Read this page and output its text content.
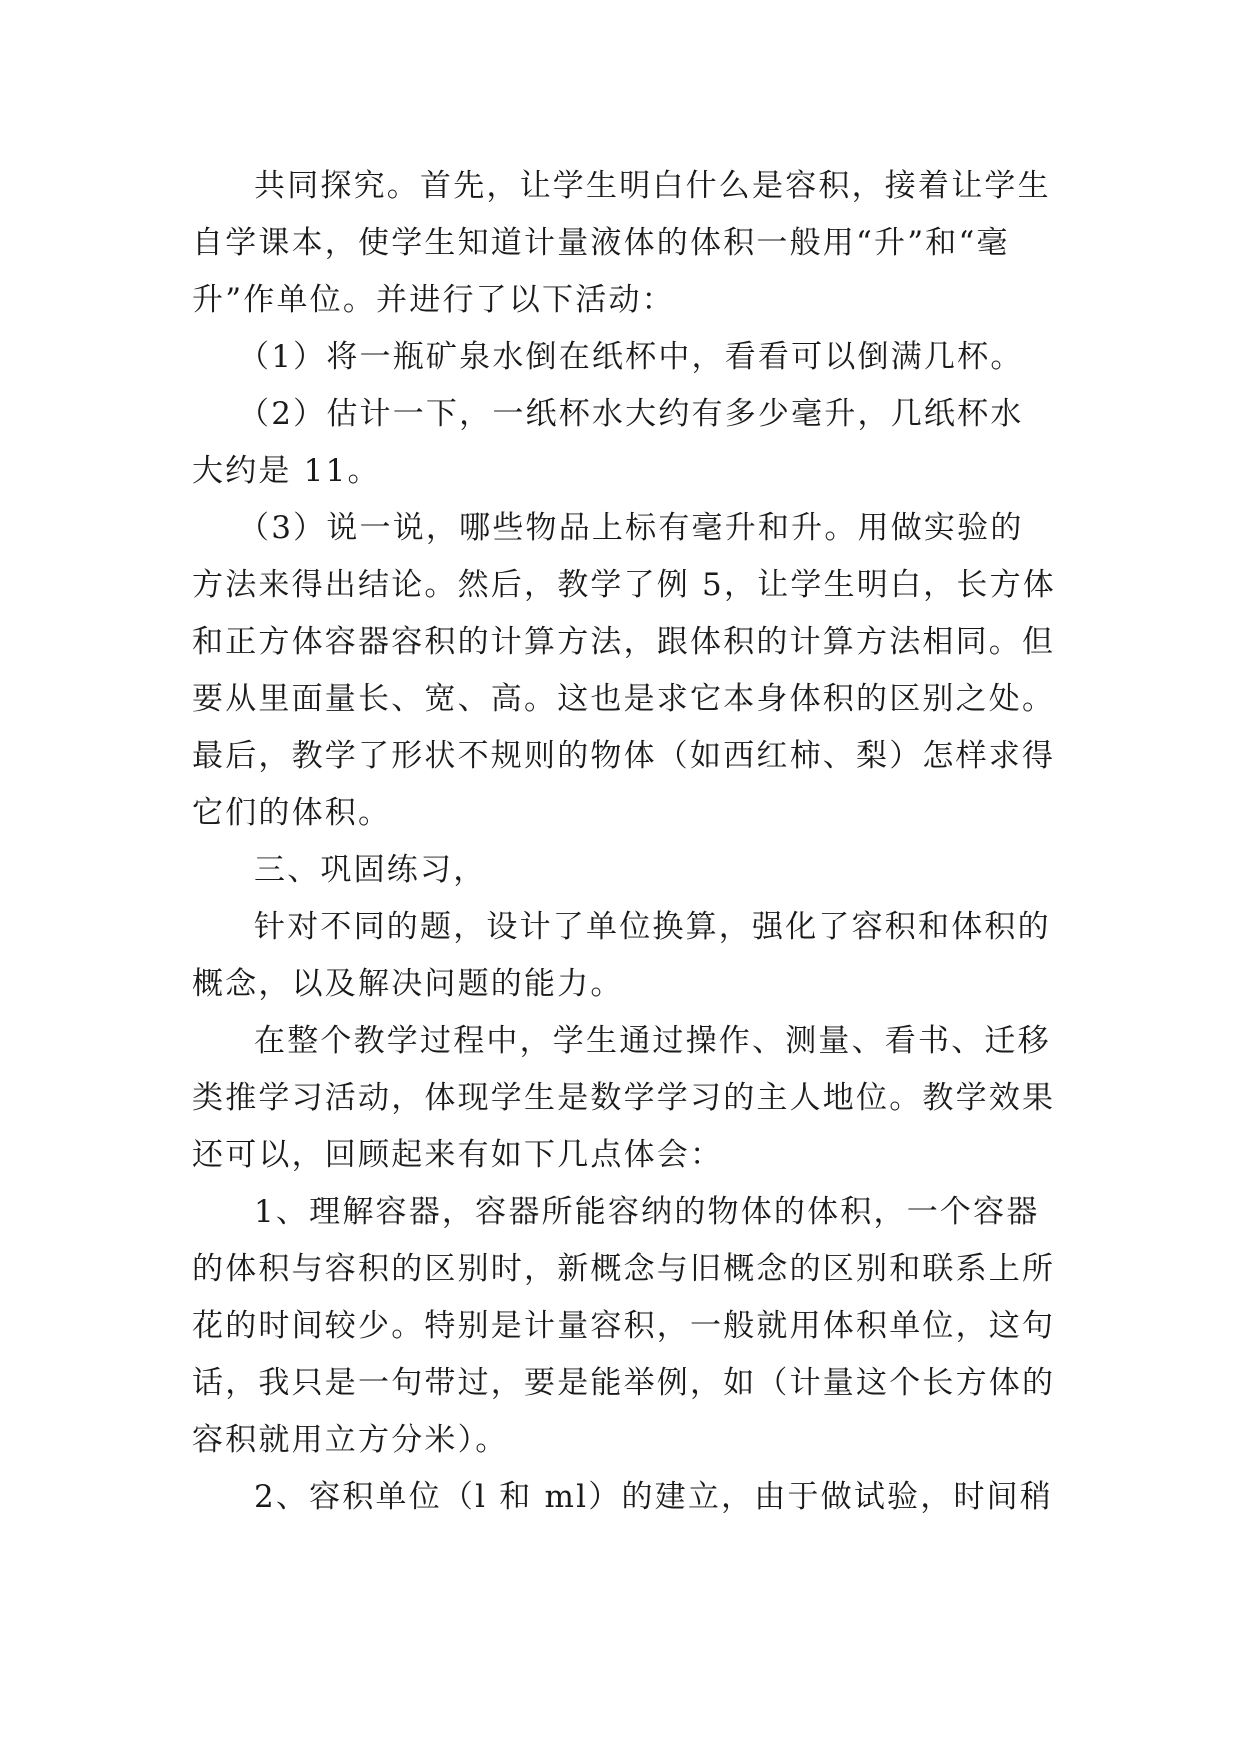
共同探究。首先，让学生明白什么是容积，接着让学生
自学课本，使学生知道计量液体的体积一般用“升”和“毫
升”作单位。并进行了以下活动：
（1）将一瓶矿泉水倒在纸杯中，看看可以倒满几杯。
（2）估计一下，一纸杯水大约有多少毫升，几纸杯水
大约是 11。
（3）说一说，哪些物品上标有毫升和升。用做实验的
方法来得出结论。然后，教学了例 5，让学生明白，长方体
和正方体容器容积的计算方法，跟体积的计算方法相同。但
要从里面量长、宽、高。这也是求它本身体积的区别之处。
最后，教学了形状不规则的物体（如西红柿、梨）怎样求得
它们的体积。
三、巩固练习，
针对不同的题，设计了单位换算，强化了容积和体积的
概念，以及解决问题的能力。
在整个教学过程中，学生通过操作、测量、看书、迁移
类推学习活动，体现学生是数学学习的主人地位。教学效果
还可以，回顾起来有如下几点体会：
1、理解容器，容器所能容纳的物体的体积，一个容器
的体积与容积的区别时，新概念与旧概念的区别和联系上所
花的时间较少。特别是计量容积，一般就用体积单位，这句
话，我只是一句带过，要是能举例，如（计量这个长方体的
容积就用立方分米）。
2、容积单位（l 和 ml）的建立，由于做试验，时间稍
